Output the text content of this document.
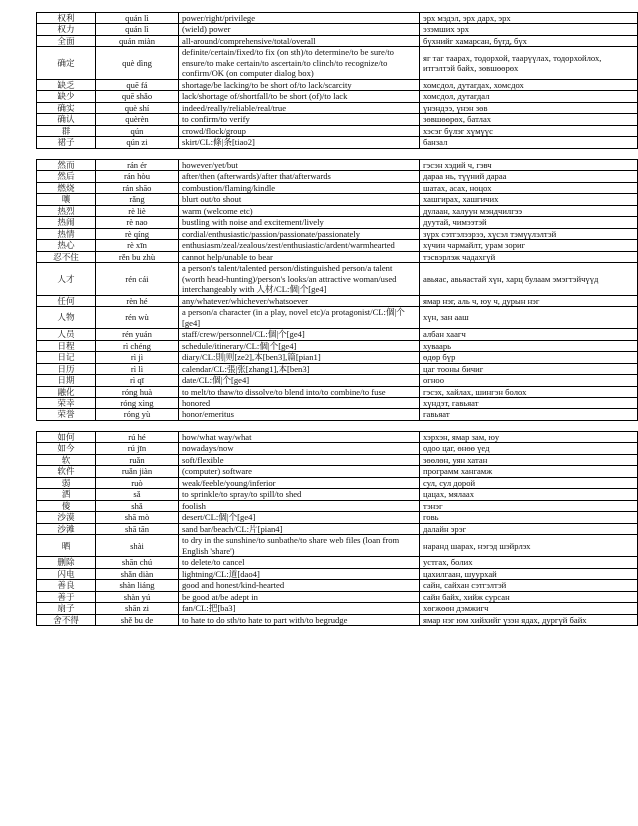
权利	quán lì	power/right/privilege	эрх мэдэл, эрх дарх, эрх
权力	quán lì	(wield) power	эзэмших эрх
全面	quán miàn	all-around/comprehensive/total/overall	бүхнийг хамарсан, бүгд, бүх
确定	què dìng	definite/certain/fixed/to fix (on sth)/to determine/to be sure/to ensure/to make certain/to ascertain/to clinch/to recognize/to confirm/OK (on computer dialog box)	яг таг таарах, тодорхой, таарүүлах, тодорхойлох, итгэлтэй байх, зөвшөөрөх
缺乏	quē fá	shortage/be lacking/to be short of/to lack/scarcity	хомсдол, дутагдах, хомсдох
缺少	quē shǎo	lack/shortage of/shortfall/to be short (of)/to lack	хомсдол, дутагдал
确实	què shí	indeed/really/reliable/real/true	үнэндээ, үнэн зөв
确认	quèrèn	to confirm/to verify	зөвшөөрөх, батлах
群	qún	crowd/flock/group	хэсэг бүлэг хүмүүс
裙子	qún zi	skirt/CL:條|条[tiao2]	банзал
然而	rán ér	however/yet/but	гэсэн хэдий ч, гэвч
然后	rán hòu	after/then (afterwards)/after that/afterwards	дараа нь, түүний дараа
燃烧	rán shāo	combustion/flaming/kindle	шатах, асах, ноцох
嚷	rǎng	blurt out/to shout	хашгирах, хашгичих
热烈	rè liè	warm (welcome etc)	дулаан, халуун мэндчилгээ
热闹	rè nao	bustling with noise and excitement/lively	дуутай, чимээтэй
热情	rè qíng	cordial/enthusiastic/passion/passionate/passionately	зүрх сэтгэлээрээ, хүсэл тэмүүлэлтэй
热心	rè xīn	enthusiasm/zeal/zealous/zest/enthusiastic/ardent/warmhearted	хүчин чармайлт, урам зориг
忍不住	rěn bu zhù	cannot help/unable to bear	тэсвэрлэж чадахгүй
人才	rén cái	a person's talent/talented person/distinguished person/a talent (worth head-hunting)/person's looks/an attractive woman/used interchangeably with 人材/CL:個|个[ge4]	авьяас, авьяастай хүн, харц булаам эмэгтэйчүүд
任何	rèn hé	any/whatever/whichever/whatsoever	ямар нэг, аль ч, юу ч, дурын нэг
人物	rén wù	a person/a character (in a play, novel etc)/a protagonist/CL:個|个[ge4]	хүн, зан ааш
人员	rén yuán	staff/crew/personnel/CL:個|个[ge4]	албан хаагч
日程	rì chéng	schedule/itinerary/CL:個|个[ge4]	хуваарь
日记	rì jì	diary/CL:則|则[ze2],本[ben3],篇[pian1]	өдөр бүр
日历	rì lì	calendar/CL:張|张[zhang1],本[ben3]	цаг тооны бичиг
日期	rì qī	date/CL:個|个[ge4]	огноо
融化	róng huà	to melt/to thaw/to dissolve/to blend into/to combine/to fuse	гэсэх, хайлах, шингэн болох
荣幸	róng xìng	honored	хүндэт, гавьяат
荣誉	róng yù	honor/emeritus	гавьяат
如何	rú hé	how/what way/what	хэрхэн, ямар зам, юу
如今	rú jīn	nowadays/now	одоо цаг, өнөө үед
软	ruǎn	soft/flexible	зөөлөн, уян хатан
软件	ruǎn jiàn	(computer) software	программ хангамж
弱	ruò	weak/feeble/young/inferior	сул, сул дорой
洒	sǎ	to sprinkle/to spray/to spill/to shed	цацах, мялаах
傻	shǎ	foolish	тэнэг
沙漠	shā mò	desert/CL:個|个[ge4]	говь
沙滩	shā tān	sand bar/beach/CL:片[pian4]	далайн эрэг
晒	shài	to dry in the sunshine/to sunbathe/to share web files (loan from English 'share')	наранд шарах, нэгэд шэйрлэх
删除	shān chú	to delete/to cancel	устгах, болих
闪电	shǎn diàn	lightning/CL:道[dao4]	цахилгаан, шуурхай
善良	shàn liáng	good and honest/kind-hearted	сайн, сайхан сэтгэлтэй
善于	shàn yú	be good at/be adept in	сайн байх, хийж сурсан
扇子	shān zi	fan/CL:把[ba3]	хөгжөөн дэмжигч
舍不得	shě bu de	to hate to do sth/to hate to part with/to begrudge	ямар нэг юм хийхийг үзэн ядах, дургүй байх
